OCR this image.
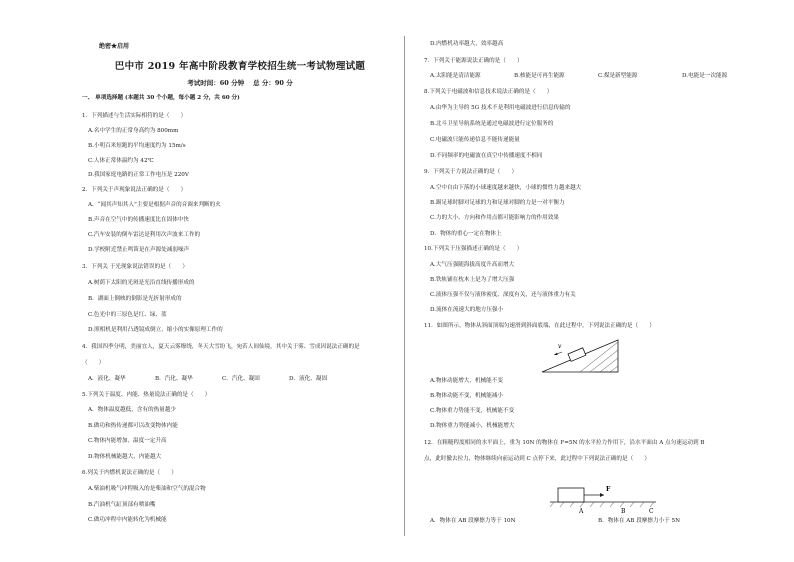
绝密★启用
巴中市 2019 年高中阶段教育学校招生统一考试物理试题
考试时间：60 分钟 总 分：90 分
一、 单项选择题 (本题共 30 个小题，每小题 2 分，共 60 分)
1．下列描述与生活实际相符的是（　　）
A.名中学生的正常身高约为 800mm
B.小明百米短跑的平均速度约为 15m/s
C.人体正常体温约为 42℃
D.我国家庭电路的正常工作电压是 220V
2．下列关于声现象说法正确的是（　　）
A．“闻其声知其人”主要是根据声音的音调来判断的火
B.声音在空气中的传播速度比在固体中快
C.汽车安装的倒车雷达是利用次声波来工作的
D.学校附近禁止鸣笛是在声源处减弱噪声
3．下列关 于光现象说法错误的是（　　）
A.树荫下太阳的光斑是光沿直线传播形成的
B．湖面上倒映的倒影是光折射形成的
C.色光中的三原色是红、绿、蓝
D.照相机是利用凸透镜成倒立，缩小的实像原理工作的
4．我国四季分明，美丽宜人，夏天云雾缭绕，冬天大雪纷飞，宛若人间仙境，其中关于雾、雪成因说法正确的是
（　　）
A．液化、凝华	B．汽化、凝华	C．汽化、凝固	D．液化、凝固
5.下列关于温度、内能、热量说法正确的是（　　）
A．物体温度越低，含有的热量越少
B.做功和热传递都可以改变物体内能
C.物体内能增加，温度一定升高
D.物体机械能越大，内能越大
6.列关于内燃机说法正确的是（　　）
A.柴油机吸气冲程吸入的是柴油和空气的混合物
B.汽油机气缸顶部有喷油嘴
C.做功冲程中内能转化为机械能
D.内燃机功率越大，效率越高
7．下列关于能源说法正确的是（　　）
A.太阳能是清洁能源	B.核能是可再生能源	C.煤是新型能源	D.电能是一次能源
8.下列关于电磁波和信息技术说法正确的是（　　）
A.由华为主导的 5G 技术不是利用电磁波进行信息传输的
B.北斗卫星导航系统是通过电磁波进行定位服务的
C.电磁波只能传递信息不能传递能量
D.不同频率的电磁波在真空中传播速度不相同
9．下列关于力说法正确的是（　　）
A.空中自由下落的小球速度越来越快，小球的惯性力越来越大
B.踢足球时脚对足球的力和足球对脚的力是一对平衡力
C.力的大小、方向和作用点都可能影响力的作用效果
D．物体的重心一定在物体上
10.下列关于压强描述正确的是（　　）
A.大气压强随海拔高度升高而增大
B.铁轨铺在枕木上是为了增大压强
C.液体压强不仅与液体密度、深度有关，还与液体重力有关
D.流体在流速大的地方压强小
11．如图所示，物体从斜面顶端匀速滑到斜面底端，在此过程中，下列说法正确的是（　　）
v
A.物体动能增大，机械能不变
B.物体动能不变，机械能减小
C.物体重力势能不变，机械能不变
D.物体重力势能减小，机械能增大
12．在粗糙程度相同的水平面上，重为 10N 的物体在 F=5N 的水平拉力作用下，沿水平面由 A 点匀速运动到 B
点，此时撤去拉力，物体继续向前运动到 C 点停下来，此过程中下列说法正确的是（　　）
F
A	B	C
A．物体在 AB 段摩擦力等于 10N	B．物体在 AB 段摩擦力小于 5N
